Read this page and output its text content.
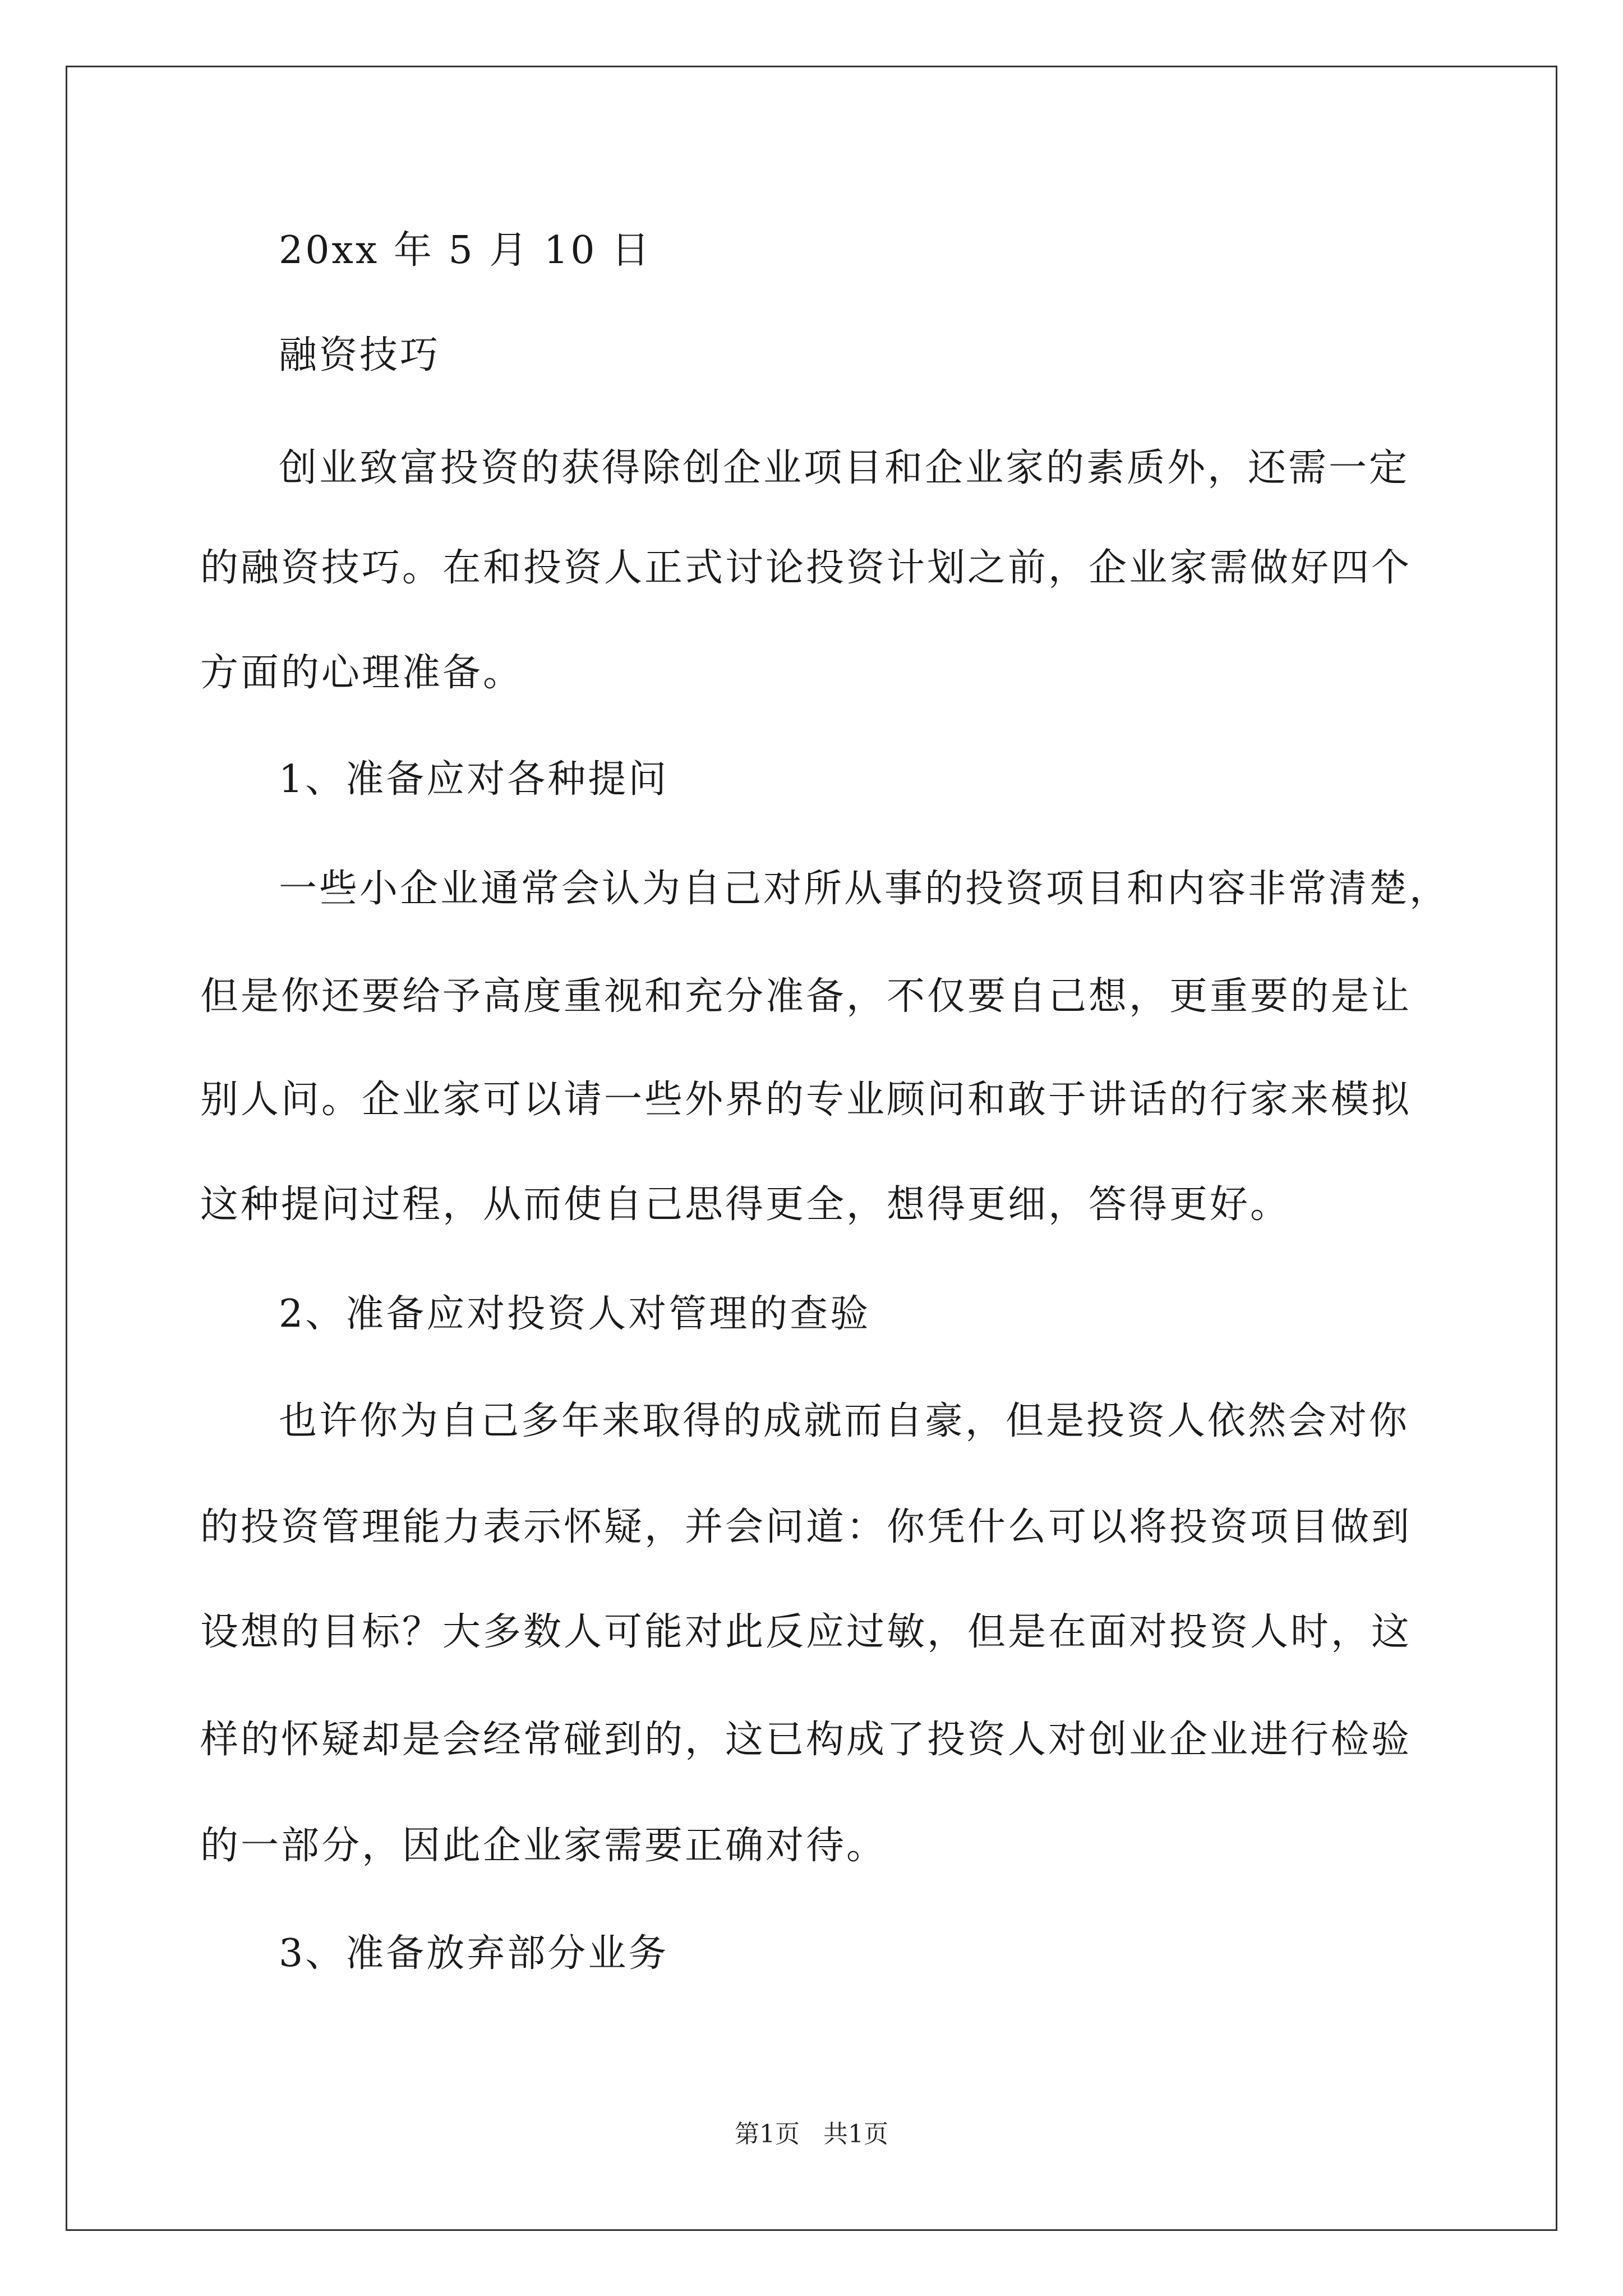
20xx 年 5 月 10 日
融资技巧
创业致富投资的获得除创企业项目和企业家的素质外，还需一定
的融资技巧。在和投资人正式讨论投资计划之前，企业家需做好四个
方面的心理准备。
1、准备应对各种提问
一些小企业通常会认为自己对所从事的投资项目和内容非常清楚，
但是你还要给予高度重视和充分准备，不仅要自己想，更重要的是让
别人问。企业家可以请一些外界的专业顾问和敢于讲话的行家来模拟
这种提问过程，从而使自己思得更全，想得更细，答得更好。
2、准备应对投资人对管理的查验
也许你为自己多年来取得的成就而自豪，但是投资人依然会对你
的投资管理能力表示怀疑，并会问道：你凭什么可以将投资项目做到
设想的目标？大多数人可能对此反应过敏，但是在面对投资人时，这
样的怀疑却是会经常碰到的，这已构成了投资人对创业企业进行检验
的一部分，因此企业家需要正确对待。
3、准备放弃部分业务
第1页   共1页
